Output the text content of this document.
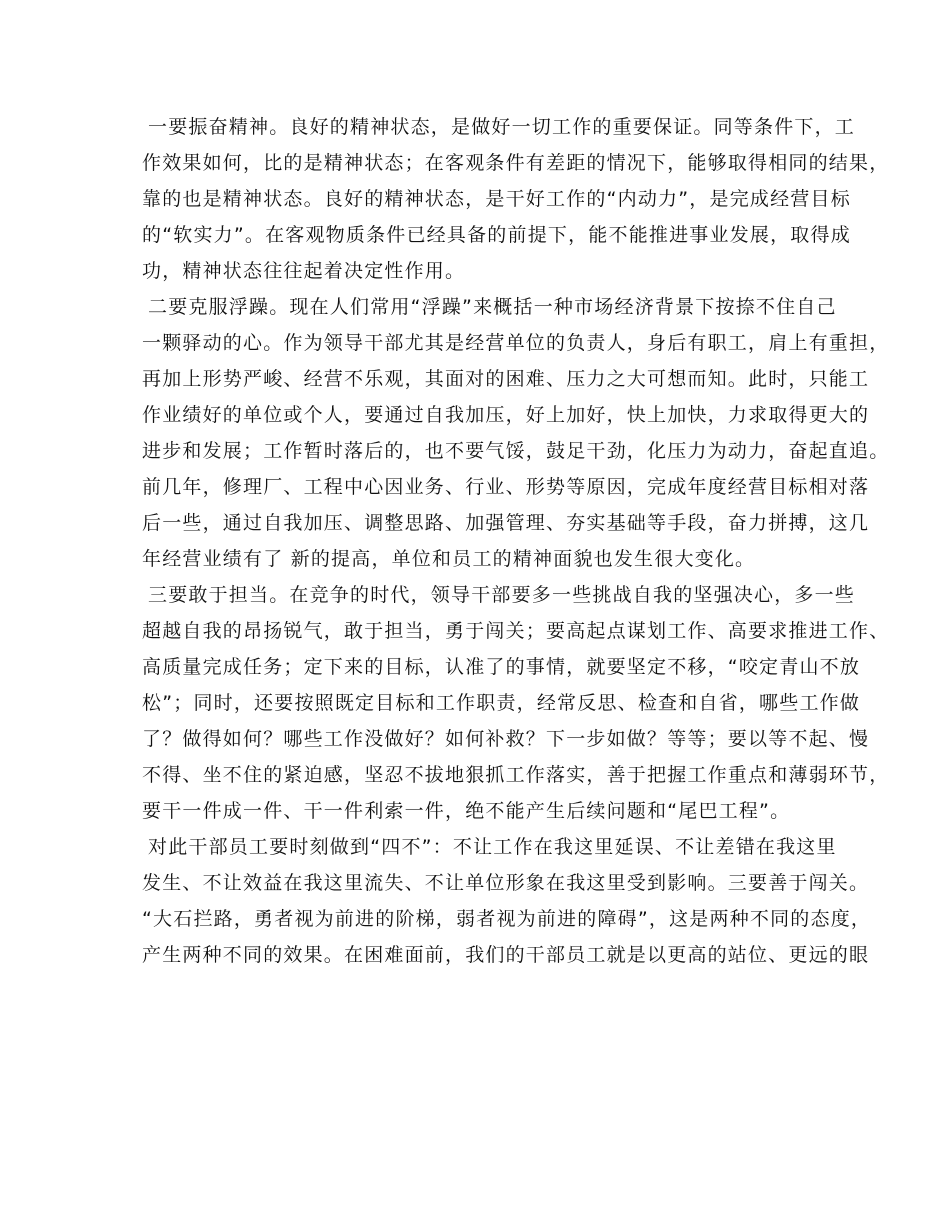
一要振奋精神。良好的精神状态，是做好一切工作的重要保证。同等条件下，工
作效果如何，比的是精神状态；在客观条件有差距的情况下，能够取得相同的结果，
靠的也是精神状态。良好的精神状态，是干好工作的“内动力”，是完成经营目标
的“软实力”。在客观物质条件已经具备的前提下，能不能推进事业发展，取得成
功，精神状态往往起着决定性作用。
二要克服浮躁。现在人们常用“浮躁”来概括一种市场经济背景下按捺不住自己
一颗驿动的心。作为领导干部尤其是经营单位的负责人，身后有职工，肩上有重担，
再加上形势严峻、经营不乐观，其面对的困难、压力之大可想而知。此时，只能工
作业绩好的单位或个人，要通过自我加压，好上加好，快上加快，力求取得更大的
进步和发展；工作暂时落后的，也不要气馁，鼓足干劲，化压力为动力，奋起直追。
前几年，修理厂、工程中心因业务、行业、形势等原因，完成年度经营目标相对落
后一些，通过自我加压、调整思路、加强管理、夯实基础等手段，奋力拼搏，这几
年经营业绩有了 新的提高，单位和员工的精神面貌也发生很大变化。
三要敢于担当。在竞争的时代，领导干部要多一些挑战自我的坚强决心，多一些
超越自我的昂扬锐气，敢于担当，勇于闯关；要高起点谋划工作、高要求推进工作、
高质量完成任务；定下来的目标，认准了的事情，就要坚定不移，“咬定青山不放
松”；同时，还要按照既定目标和工作职责，经常反思、检查和自省，哪些工作做
了？做得如何？哪些工作没做好？如何补救？下一步如做？等等；要以等不起、慢
不得、坐不住的紧迫感，坚忍不拔地狠抓工作落实，善于把握工作重点和薄弱环节，
要干一件成一件、干一件利索一件，绝不能产生后续问题和“尾巴工程”。
对此干部员工要时刻做到“四不”：不让工作在我这里延误、不让差错在我这里
发生、不让效益在我这里流失、不让单位形象在我这里受到影响。三要善于闯关。
“大石拦路，勇者视为前进的阶梯，弱者视为前进的障碍”，这是两种不同的态度，
产生两种不同的效果。在困难面前，我们的干部员工就是以更高的站位、更远的眼
